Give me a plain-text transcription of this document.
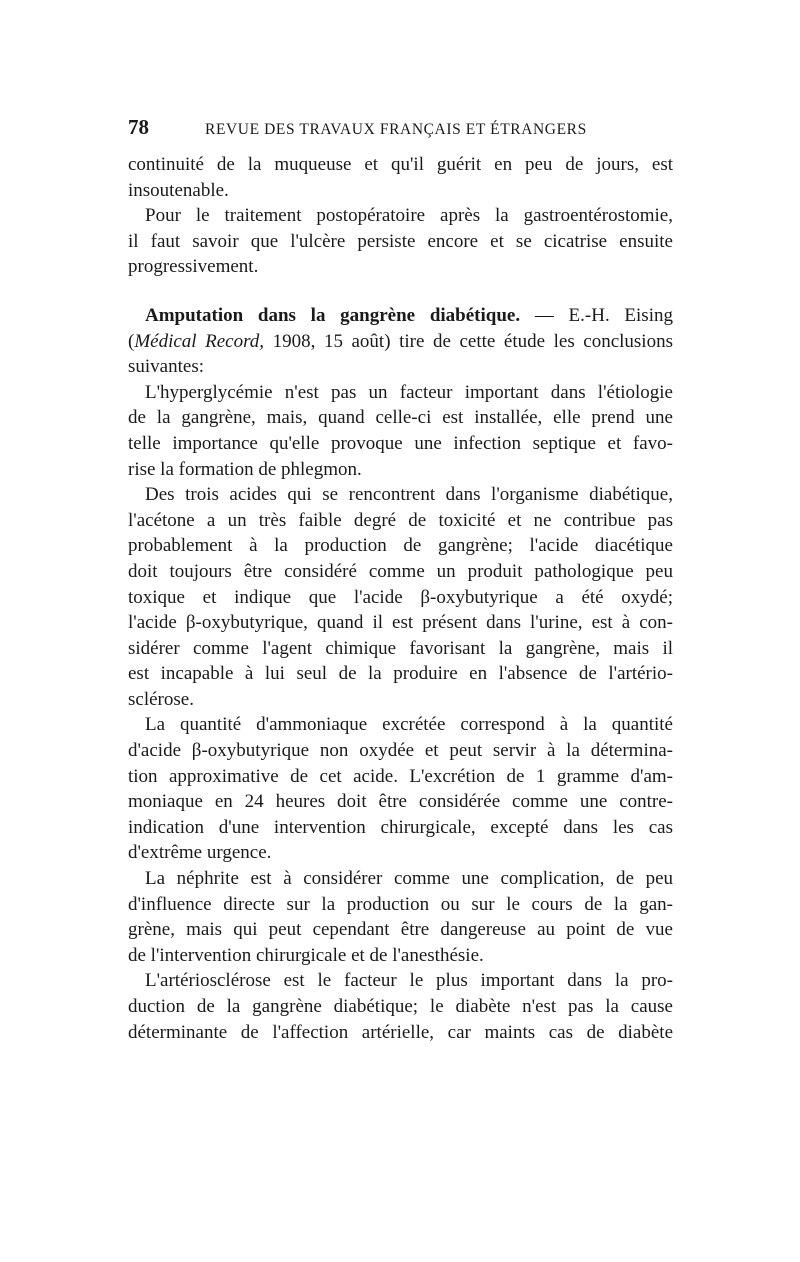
78	REVUE DES TRAVAUX FRANÇAIS ET ÉTRANGERS
continuité de la muqueuse et qu'il guérit en peu de jours, est
insoutenable.
Pour le traitement postopératoire après la gastroentérostomie,
il faut savoir que l'ulcère persiste encore et se cicatrise ensuite
progressivement.
Amputation dans la gangrène diabétique. — E.-H. Eising
(Médical Record, 1908, 15 août) tire de cette étude les conclusions
suivantes:
L'hyperglycémie n'est pas un facteur important dans l'étiologie
de la gangrène, mais, quand celle-ci est installée, elle prend une
telle importance qu'elle provoque une infection septique et favo-
rise la formation de phlegmon.
Des trois acides qui se rencontrent dans l'organisme diabétique,
l'acétone a un très faible degré de toxicité et ne contribue pas
probablement à la production de gangrène; l'acide diacétique
doit toujours être considéré comme un produit pathologique peu
toxique et indique que l'acide β-oxybutyrique a été oxydé;
l'acide β-oxybutyrique, quand il est présent dans l'urine, est à con-
sidérer comme l'agent chimique favorisant la gangrène, mais il
est incapable à lui seul de la produire en l'absence de l'artério-
sclérose.
La quantité d'ammoniaque excrétée correspond à la quantité
d'acide β-oxybutyrique non oxydée et peut servir à la détermina-
tion approximative de cet acide. L'excrétion de 1 gramme d'am-
moniaque en 24 heures doit être considérée comme une contre-
indication d'une intervention chirurgicale, excepté dans les cas
d'extrême urgence.
La néphrite est à considérer comme une complication, de peu
d'influence directe sur la production ou sur le cours de la gan-
grène, mais qui peut cependant être dangereuse au point de vue
de l'intervention chirurgicale et de l'anesthésie.
L'artériosclérose est le facteur le plus important dans la pro-
duction de la gangrène diabétique; le diabète n'est pas la cause
déterminante de l'affection artérielle, car maints cas de diabète
